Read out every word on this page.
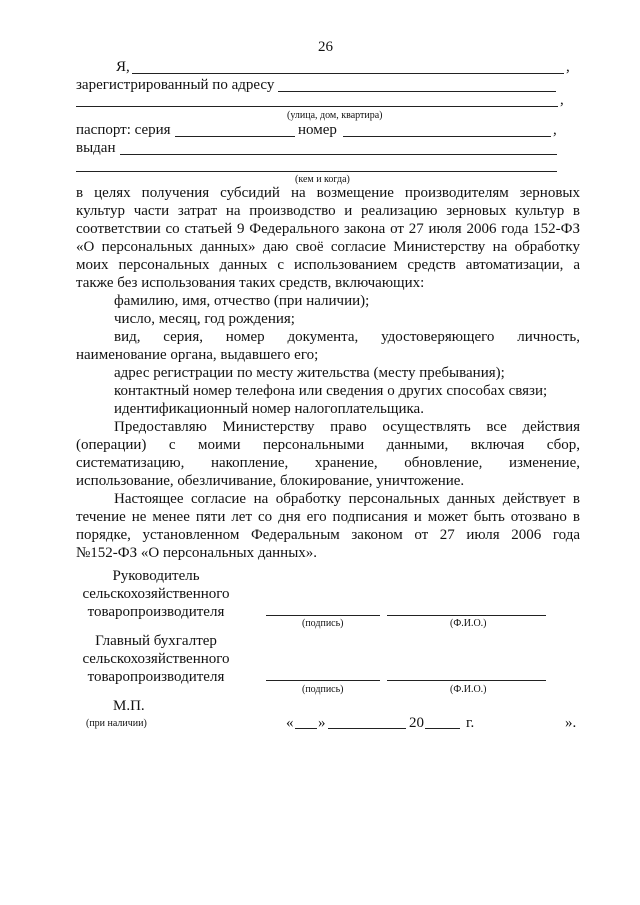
26
Я,	,
зарегистрированный по адресу
,
(улица, дом, квартира)
паспорт: серия	номер	,
выдан
(кем и когда)
в целях получения субсидий на возмещение производителям зерновых
культур части затрат на производство и реализацию зерновых культур в
соответствии со статьей 9 Федерального закона от 27 июля 2006 года 152-ФЗ
«О персональных данных» даю своё согласие Министерству на обработку
моих персональных данных с использованием средств автоматизации, а
также без использования таких средств, включающих:
фамилию, имя, отчество (при наличии);
число, месяц, год рождения;
вид, серия, номер документа, удостоверяющего личность,
наименование органа, выдавшего его;
адрес регистрации по месту жительства (месту пребывания);
контактный номер телефона или сведения о других способах связи;
идентификационный номер налогоплательщика.
Предоставляю Министерству право осуществлять все действия
(операции) с моими персональными данными, включая сбор,
систематизацию, накопление, хранение, обновление, изменение,
использование, обезличивание, блокирование, уничтожение.
Настоящее согласие на обработку персональных данных действует в
течение не менее пяти лет со дня его подписания и может быть отозвано в
порядке, установленном Федеральным законом от 27 июля 2006 года
№152-ФЗ «О персональных данных».
Руководитель
сельскохозяйственного
товаропроизводителя
(подпись)	(Ф.И.О.)
Главный бухгалтер
сельскохозяйственного
товаропроизводителя
(подпись)	(Ф.И.О.)
М.П.
(при наличии)	« »	20	г.	».
